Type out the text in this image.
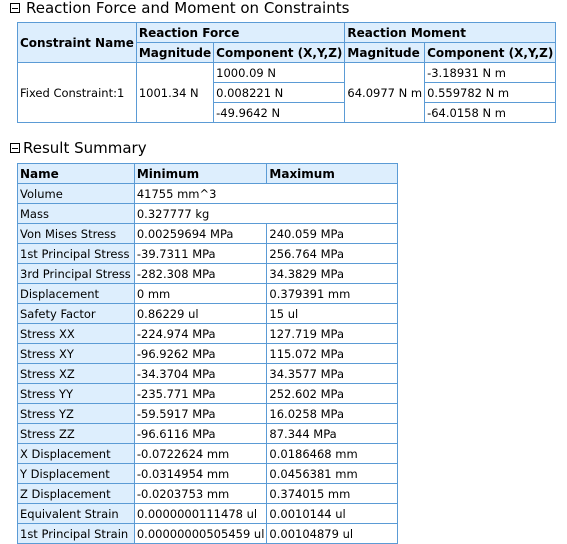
Reaction Force and Moment on Constraints
Constraint Name	Reaction Force		Reaction Moment	
	Magnitude	Component (X,Y,Z)	Magnitude	Component (X,Y,Z)
Fixed Constraint:1	1001.34 N	1000.09 N	64.0977 N m	-3.18931 N m
		0.008221 N		0.559782 N m
		-49.9642 N		-64.0158 N m
Result Summary
Name	Minimum	Maximum
Volume	41755 mm^3	
Mass	0.327777 kg	
Von Mises Stress	0.00259694 MPa	240.059 MPa
1st Principal Stress	-39.7311 MPa	256.764 MPa
3rd Principal Stress	-282.308 MPa	34.3829 MPa
Displacement	0 mm	0.379391 mm
Safety Factor	0.86229 ul	15 ul
Stress XX	-224.974 MPa	127.719 MPa
Stress XY	-96.9262 MPa	115.072 MPa
Stress XZ	-34.3704 MPa	34.3577 MPa
Stress YY	-235.771 MPa	252.602 MPa
Stress YZ	-59.5917 MPa	16.0258 MPa
Stress ZZ	-96.6116 MPa	87.344 MPa
X Displacement	-0.0722624 mm	0.0186468 mm
Y Displacement	-0.0314954 mm	0.0456381 mm
Z Displacement	-0.0203753 mm	0.374015 mm
Equivalent Strain	0.0000000111478 ul	0.0010144 ul
1st Principal Strain	0.00000000505459 ul	0.00104879 ul
